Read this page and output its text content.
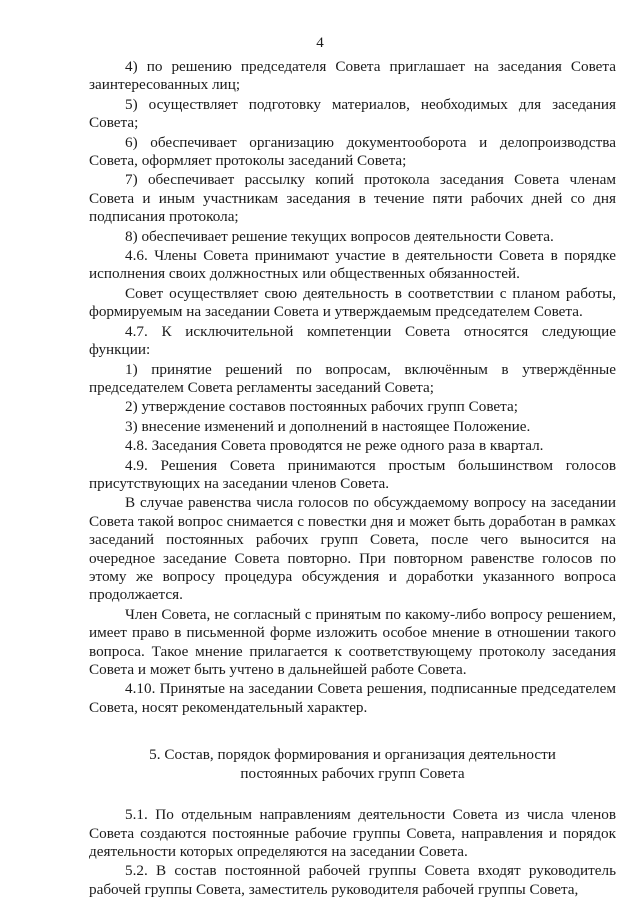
4

4) по решению председателя Совета приглашает на заседания Совета заинтересованных лиц;

5) осуществляет подготовку материалов, необходимых для заседания Совета;

6) обеспечивает организацию документооборота и делопроизводства Совета, оформляет протоколы заседаний Совета;

7) обеспечивает рассылку копий протокола заседания Совета членам Совета и иным участникам заседания в течение пяти рабочих дней со дня подписания протокола;

8) обеспечивает решение текущих вопросов деятельности Совета.

4.6. Члены Совета принимают участие в деятельности Совета в порядке исполнения своих должностных или общественных обязанностей.

Совет осуществляет свою деятельность в соответствии с планом работы, формируемым на заседании Совета и утверждаемым председателем Совета.

4.7. К исключительной компетенции Совета относятся следующие функции:

1) принятие решений по вопросам, включённым в утверждённые председателем Совета регламенты заседаний Совета;

2) утверждение составов постоянных рабочих групп Совета;

3) внесение изменений и дополнений в настоящее Положение.

4.8. Заседания Совета проводятся не реже одного раза в квартал.

4.9. Решения Совета принимаются простым большинством голосов присутствующих на заседании членов Совета.

В случае равенства числа голосов по обсуждаемому вопросу на заседании Совета такой вопрос снимается с повестки дня и может быть доработан в рамках заседаний постоянных рабочих групп Совета, после чего выносится на очередное заседание Совета повторно. При повторном равенстве голосов по этому же вопросу процедура обсуждения и доработки указанного вопроса продолжается.

Член Совета, не согласный с принятым по какому-либо вопросу решением, имеет право в письменной форме изложить особое мнение в отношении такого вопроса. Такое мнение прилагается к соответствующему протоколу заседания Совета и может быть учтено в дальнейшей работе Совета.

4.10. Принятые на заседании Совета решения, подписанные председателем Совета, носят рекомендательный характер.

5. Состав, порядок формирования и организация деятельности
постоянных рабочих групп Совета

5.1. По отдельным направлениям деятельности Совета из числа членов Совета создаются постоянные рабочие группы Совета, направления и порядок деятельности которых определяются на заседании Совета.

5.2. В состав постоянной рабочей группы Совета входят руководитель рабочей группы Совета, заместитель руководителя рабочей группы Совета,
